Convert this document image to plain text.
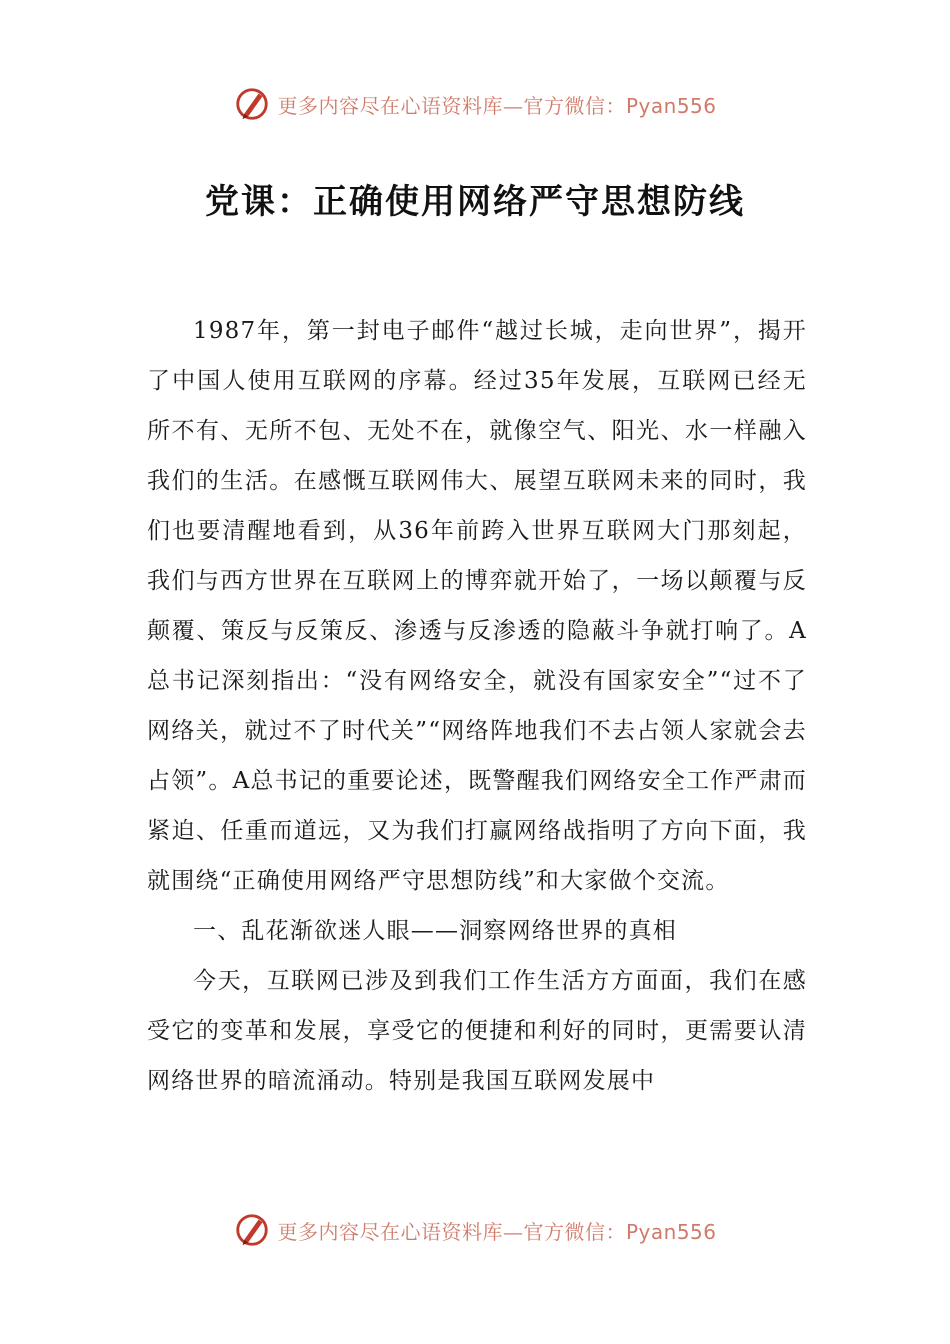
更多内容尽在心语资料库—官方微信：Pyan556
党课：正确使用网络严守思想防线

1987年，第一封电子邮件“越过长城，走向世界”，揭开了中国人使用互联网的序幕。经过35年发展，互联网已经无所不有、无所不包、无处不在，就像空气、阳光、水一样融入我们的生活。在感慨互联网伟大、展望互联网未来的同时，我们也要清醒地看到，从36年前跨入世界互联网大门那刻起，我们与西方世界在互联网上的博弈就开始了，一场以颠覆与反颠覆、策反与反策反、渗透与反渗透的隐蔽斗争就打响了。A总书记深刻指出：“没有网络安全，就没有国家安全”“过不了网络关，就过不了时代关”“网络阵地我们不去占领人家就会去占领”。A总书记的重要论述，既警醒我们网络安全工作严肃而紧迫、任重而道远，又为我们打赢网络战指明了方向下面，我就围绕“正确使用网络严守思想防线”和大家做个交流。

一、乱花渐欲迷人眼——洞察网络世界的真相

今天，互联网已涉及到我们工作生活方方面面，我们在感受它的变革和发展，享受它的便捷和利好的同时，更需要认清网络世界的暗流涌动。特别是我国互联网发展中

更多内容尽在心语资料库—官方微信：Pyan556
